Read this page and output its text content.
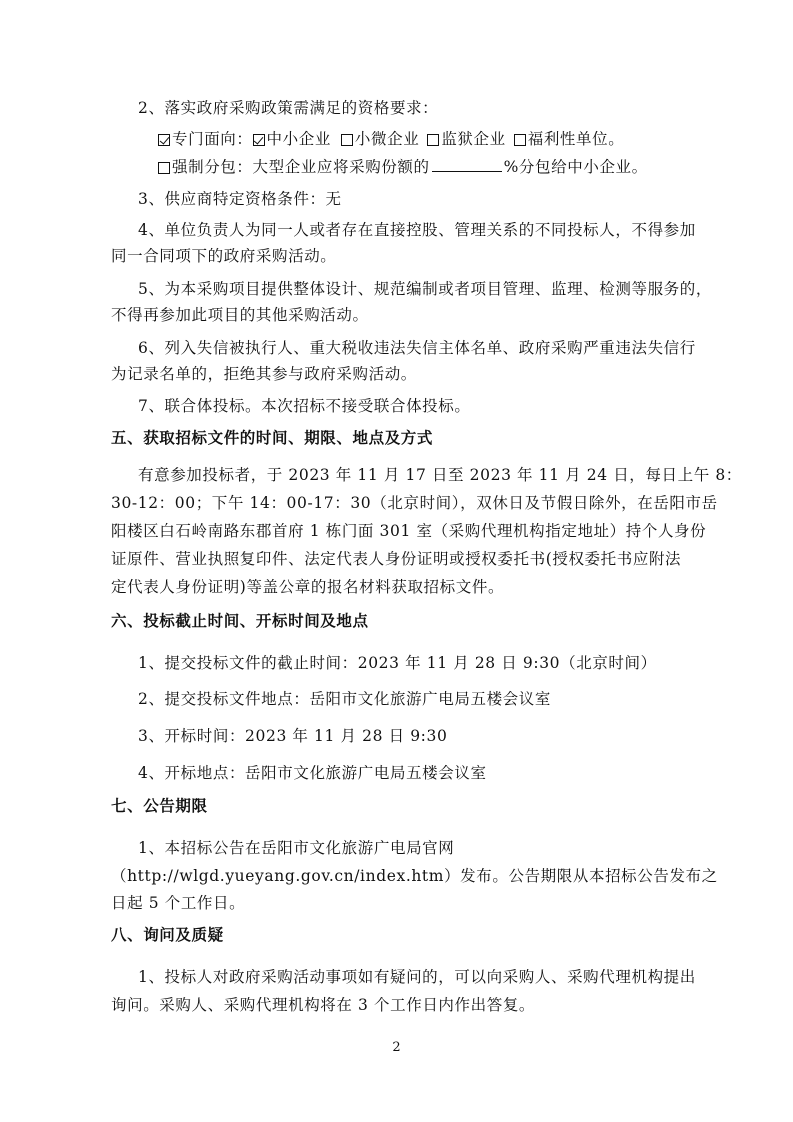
2、落实政府采购政策需满足的资格要求：
专门面向： 中小企业 小微企业 监狱企业 福利性单位。
强制分包：大型企业应将采购份额的	%分包给中小企业。
3、供应商特定资格条件：无
4、单位负责人为同一人或者存在直接控股、管理关系的不同投标人，不得参加
同一合同项下的政府采购活动。
5、为本采购项目提供整体设计、规范编制或者项目管理、监理、检测等服务的，
不得再参加此项目的其他采购活动。
6、列入失信被执行人、重大税收违法失信主体名单、政府采购严重违法失信行
为记录名单的，拒绝其参与政府采购活动。
7、联合体投标。本次招标不接受联合体投标。
五、获取招标文件的时间、期限、地点及方式
有意参加投标者，于 2023 年 11 月 17 日至 2023 年 11 月 24 日，每日上午 8：
30-12：00；下午 14：00-17：30（北京时间），双休日及节假日除外，在岳阳市岳
阳楼区白石岭南路东郡首府 1 栋门面 301 室（采购代理机构指定地址）持个人身份
证原件、营业执照复印件、法定代表人身份证明或授权委托书(授权委托书应附法
定代表人身份证明)等盖公章的报名材料获取招标文件。
六、投标截止时间、开标时间及地点
1、提交投标文件的截止时间：2023 年 11 月 28 日 9:30（北京时间）
2、提交投标文件地点：岳阳市文化旅游广电局五楼会议室
3、开标时间：2023 年 11 月 28 日 9:30
4、开标地点：岳阳市文化旅游广电局五楼会议室
七、公告期限
1、本招标公告在岳阳市文化旅游广电局官网
（http://wlgd.yueyang.gov.cn/index.htm）发布。公告期限从本招标公告发布之
日起 5 个工作日。
八、询问及质疑
1、投标人对政府采购活动事项如有疑问的，可以向采购人、采购代理机构提出
询问。采购人、采购代理机构将在 3 个工作日内作出答复。
2
